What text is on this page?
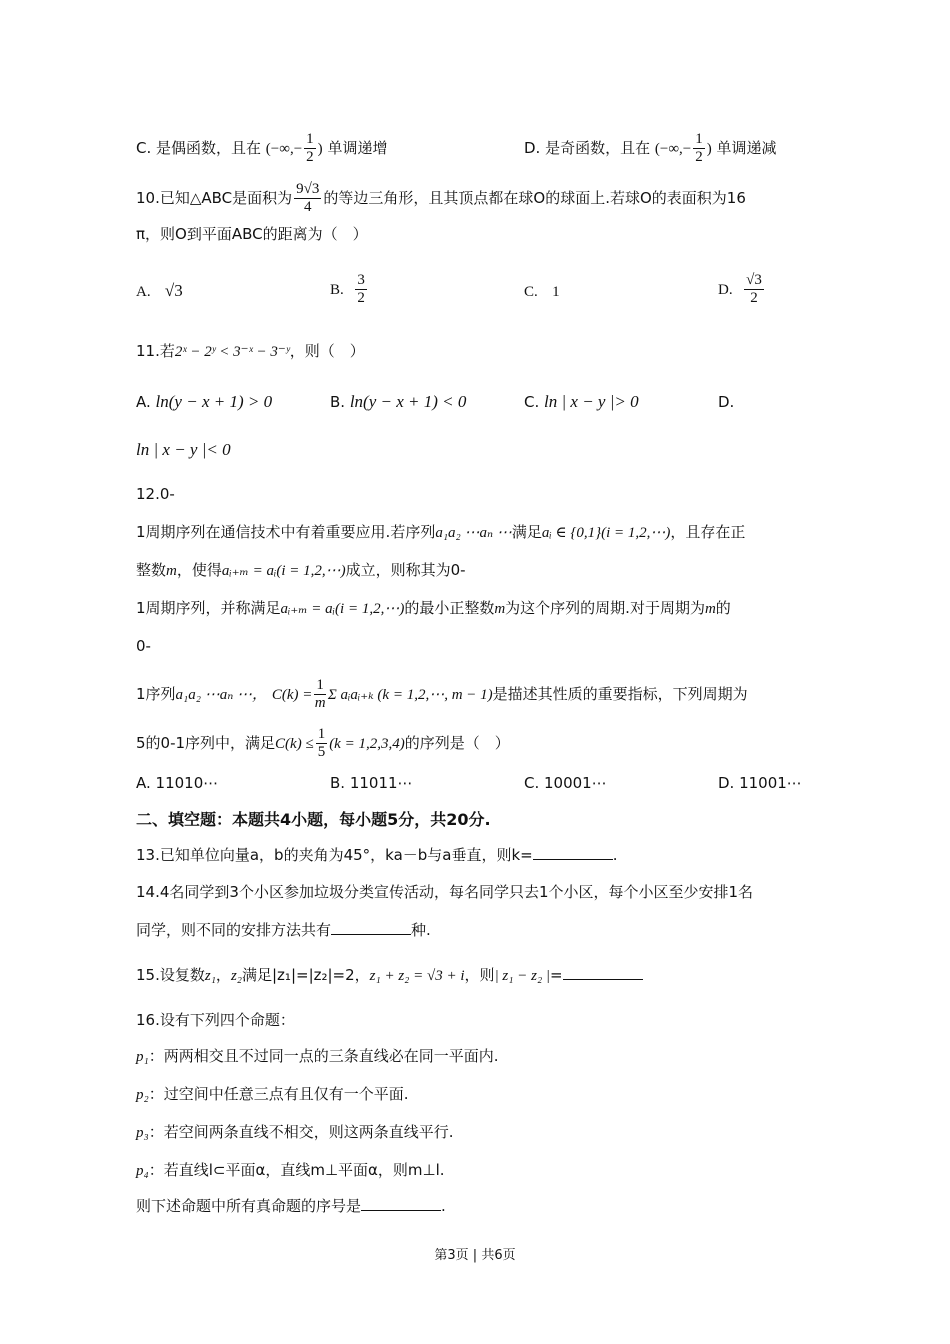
C. 是偶函数，且在 (−∞,− $\frac{1}{2}$ ) 单调递增	D. 是奇函数，且在 (−∞,− $\frac{1}{2}$ ) 单调递减
10.已知△ABC是面积为 $\frac{9√3}{4}$ 的等边三角形，且其顶点都在球O的球面上.若球O的表面积为16
π，则O到平面ABC的距离为（　）
A. √3	B. $\frac{3}{2}$	C. 1	D. $\frac{√3}{2}$
11.若2ˣ − 2ʸ < 3⁻ˣ − 3⁻ʸ，则（　）
A. ln(y − x + 1) > 0	B. ln(y − x + 1) < 0	C. ln | x − y |> 0	D.
ln | x − y |< 0
12.0-
1周期序列在通信技术中有着重要应用.若序列a₁a₂ ⋯aₙ ⋯满足aᵢ ∈ {0,1}(i = 1,2,⋯)，且存在正
整数m，使得aᵢ₊ₘ = aᵢ(i = 1,2,⋯)成立，则称其为0-
1周期序列，并称满足aᵢ₊ₘ = aᵢ(i = 1,2,⋯)的最小正整数m为这个序列的周期.对于周期为m的
0-
1序列a₁a₂ ⋯aₙ ⋯， $C(k) = \frac{1}{m}$ Σ aᵢaᵢ₊ₖ (k = 1,2,⋯, m − 1)是描述其性质的重要指标，下列周期为
5的0-1序列中，满足$C(k) \le \frac{1}{5} (k = 1,2,3,4)$的序列是（　）
A. 11010⋯	B. 11011⋯	C. 10001⋯	D. 11001⋯
二、填空题：本题共4小题，每小题5分，共20分.
13.已知单位向量a，b的夹角为45°，ka－b与a垂直，则k=	.
14.4名同学到3个小区参加垃圾分类宣传活动，每名同学只去1个小区，每个小区至少安排1名
同学，则不同的安排方法共有	种.
15.设复数z₁，z₂满足|z₁|=|z₂|=2，z₁ + z₂ = √3 + i，则| z₁ − z₂ |=
16.设有下列四个命题：
p₁：两两相交且不过同一点的三条直线必在同一平面内.
p₂：过空间中任意三点有且仅有一个平面.
p₃：若空间两条直线不相交，则这两条直线平行.
p₄：若直线l⊂平面α，直线m⊥平面α，则m⊥l.
则下述命题中所有真命题的序号是	.
第3页 | 共6页
